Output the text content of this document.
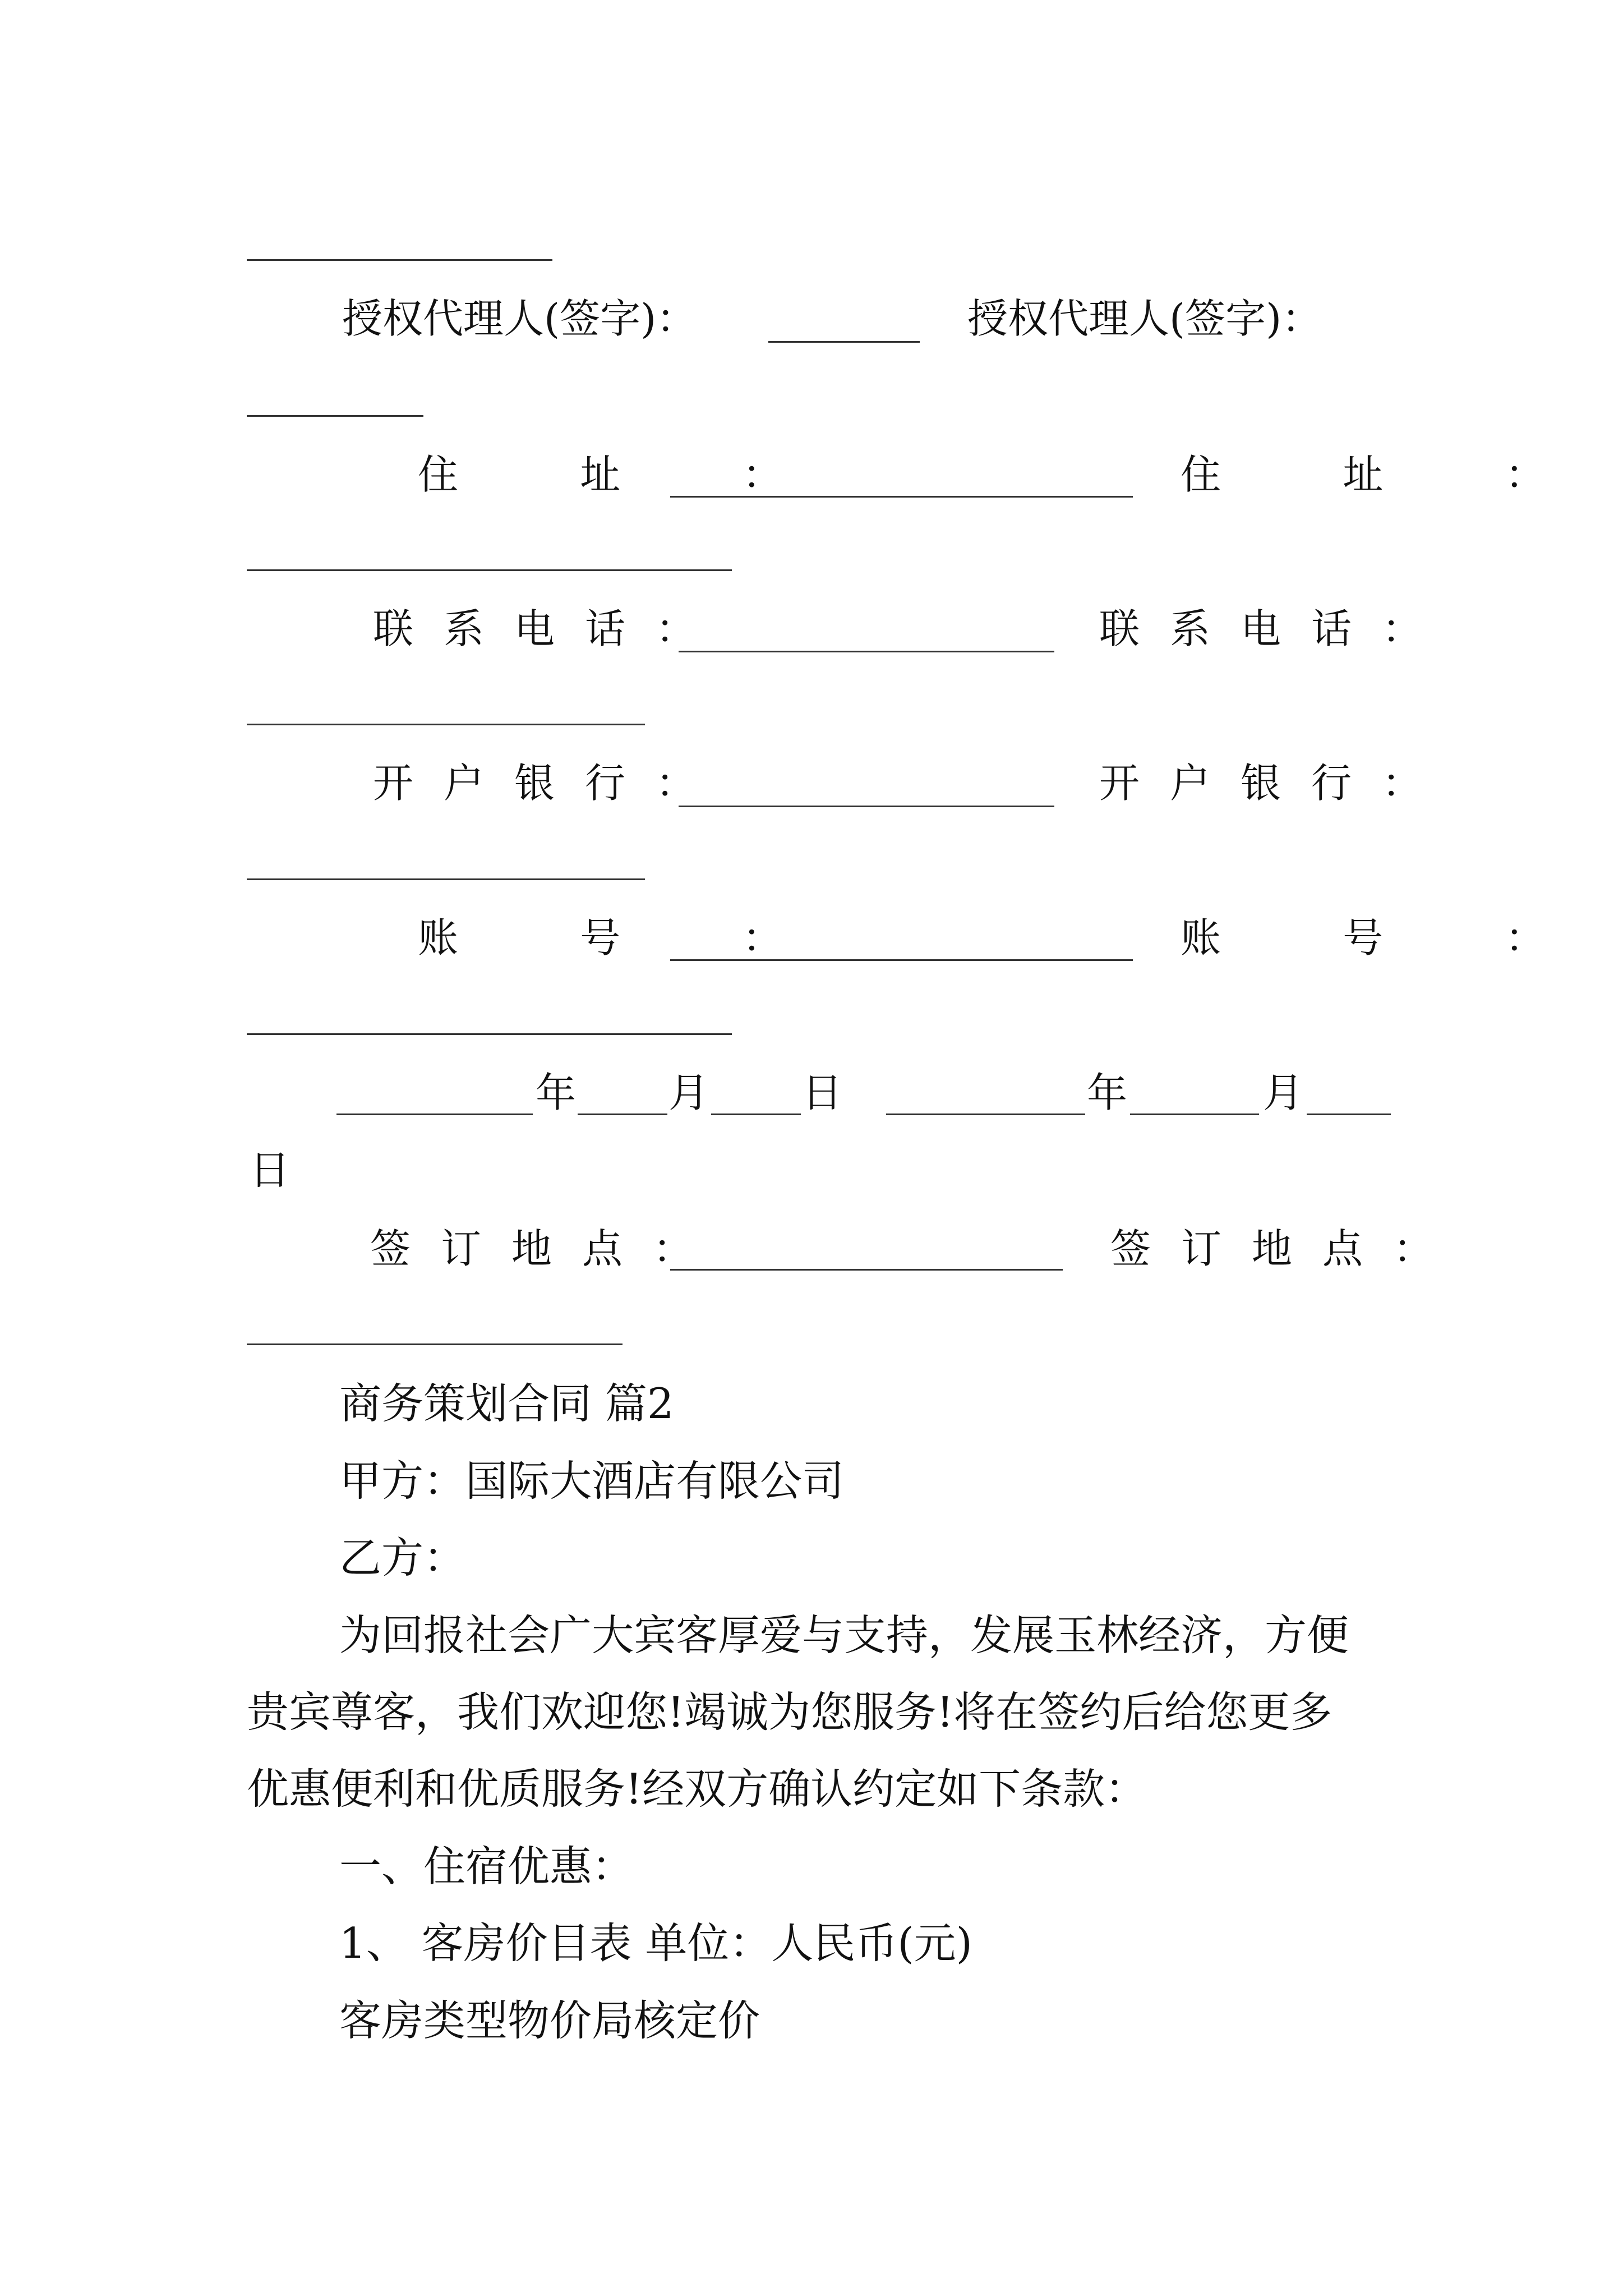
授权代理人(签字)：	授权代理人(签字)：
住 址 ：	住 址 ：
联系电话：	联系电话：
开户银行：	开户银行：
账 号 ：	账 号 ：
年 月 日	年	月
日
签订地点：	签订地点：
商务策划合同 篇2
甲方：国际大酒店有限公司
乙方：
为回报社会广大宾客厚爱与支持，发展玉林经济，方便
贵宾尊客，我们欢迎您!竭诚为您服务!将在签约后给您更多
优惠便利和优质服务!经双方确认约定如下条款：
一、住宿优惠：
1、 客房价目表 单位：人民币(元)
客房类型物价局核定价
